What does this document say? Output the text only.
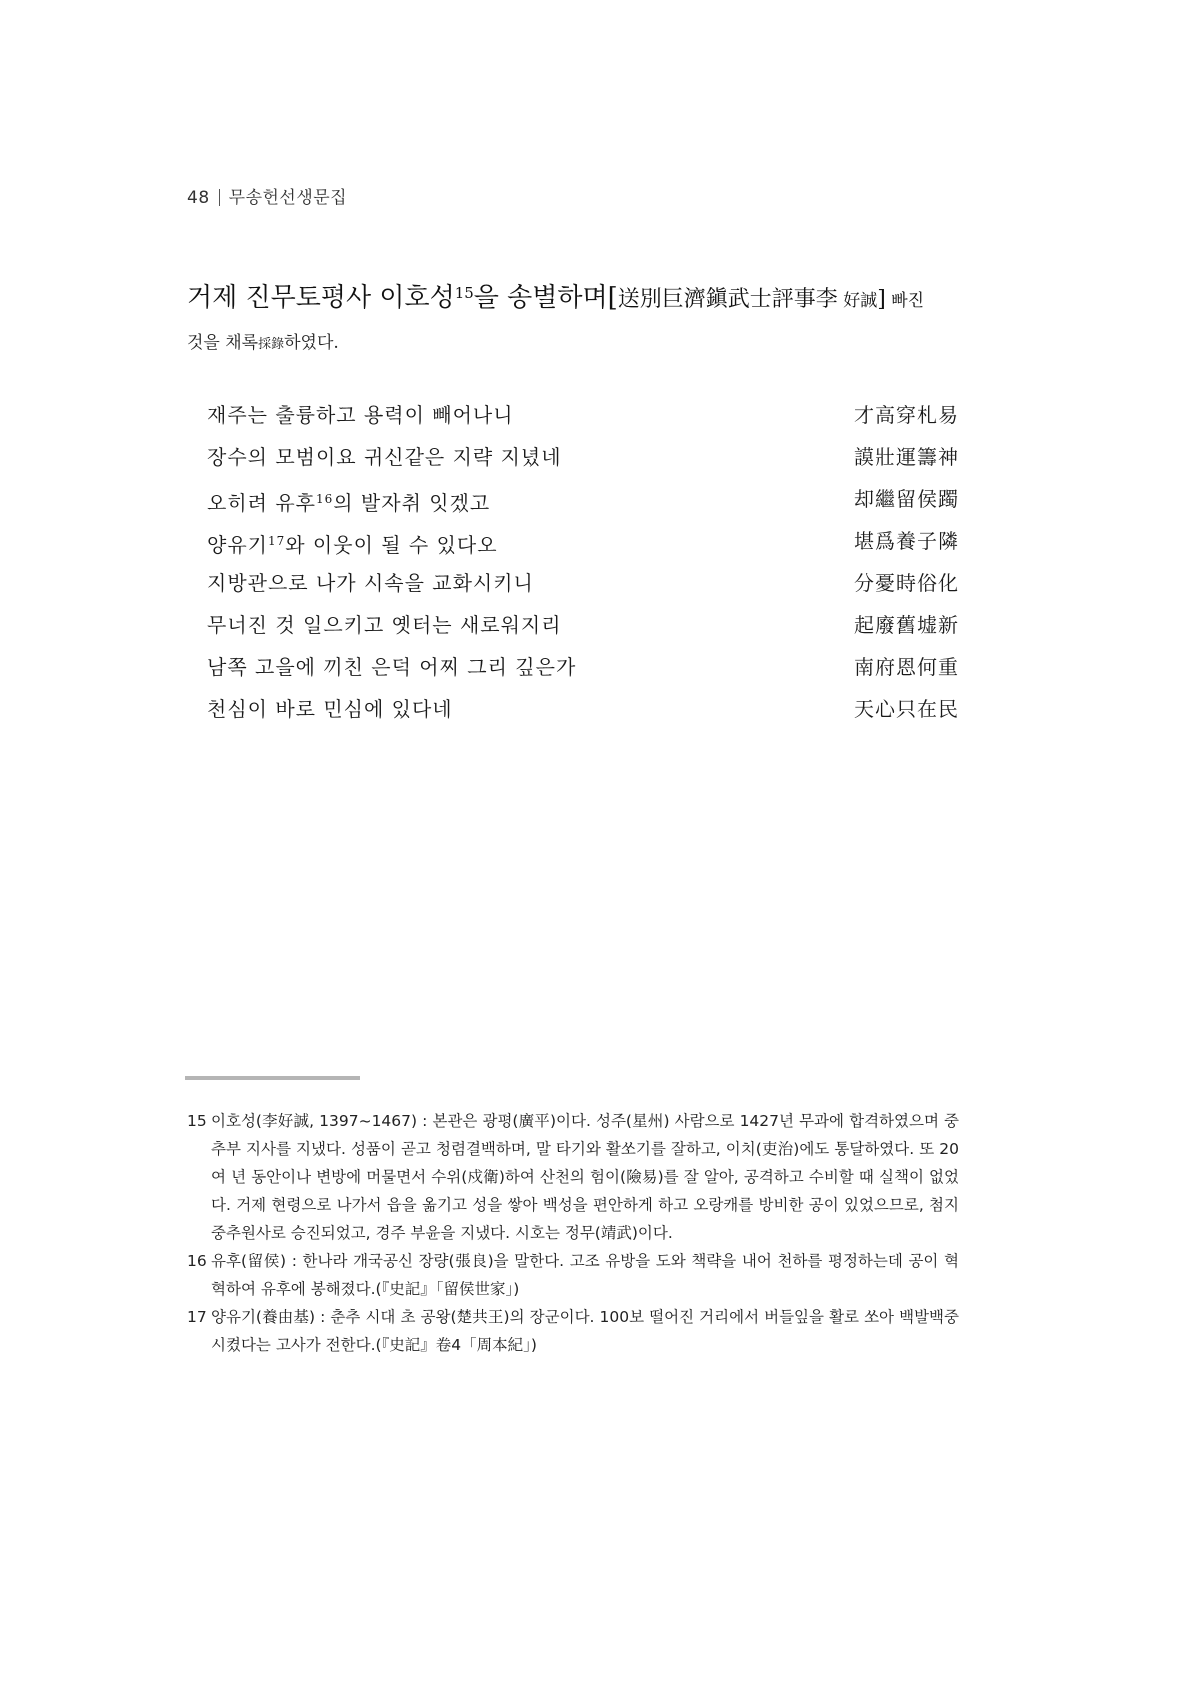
48 무송헌선생문집
거제 진무토평사 이호성$^{15}$을 송별하며[送別巨濟鎭武士評事李 好誠] 빠진
것을 채록採錄하였다.
재주는 출륭하고 용력이 빼어나니	才高穿札易
장수의 모범이요 귀신같은 지략 지녔네	謨壯運籌神
오히려 유후$^{16}$의 발자취 잇겠고	却繼留侯躅
양유기$^{17}$와 이웃이 될 수 있다오	堪爲養子隣
지방관으로 나가 시속을 교화시키니	分憂時俗化
무너진 것 일으키고 옛터는 새로워지리	起廢舊墟新
남쪽 고을에 끼친 은덕 어찌 그리 깊은가	南府恩何重
천심이 바로 민심에 있다네	天心只在民
15 이호성(李好誠, 1397~1467) : 본관은 광평(廣平)이다. 성주(星州) 사람으로 1427년 무과에 합격하였으며 중추부 지사를 지냈다. 성품이 곧고 청렴결백하며, 말 타기와 활쏘기를 잘하고, 이치(吏治)에도 통달하였다. 또 20여 년 동안이나 변방에 머물면서 수위(戍衛)하여 산천의 험이(險易)를 잘 알아, 공격하고 수비할 때 실책이 없었다. 거제 현령으로 나가서 읍을 옮기고 성을 쌓아 백성을 편안하게 하고 오랑캐를 방비한 공이 있었으므로, 첨지중추원사로 승진되었고, 경주 부윤을 지냈다. 시호는 정무(靖武)이다.
16 유후(留侯) : 한나라 개국공신 장량(張良)을 말한다. 고조 유방을 도와 책략을 내어 천하를 평정하는데 공이 혁혁하여 유후에 봉해졌다.(『史記』「留侯世家」)
17 양유기(養由基) : 춘추 시대 초 공왕(楚共王)의 장군이다. 100보 떨어진 거리에서 버들잎을 활로 쏘아 백발백중시켰다는 고사가 전한다.(『史記』卷4「周本紀」)
